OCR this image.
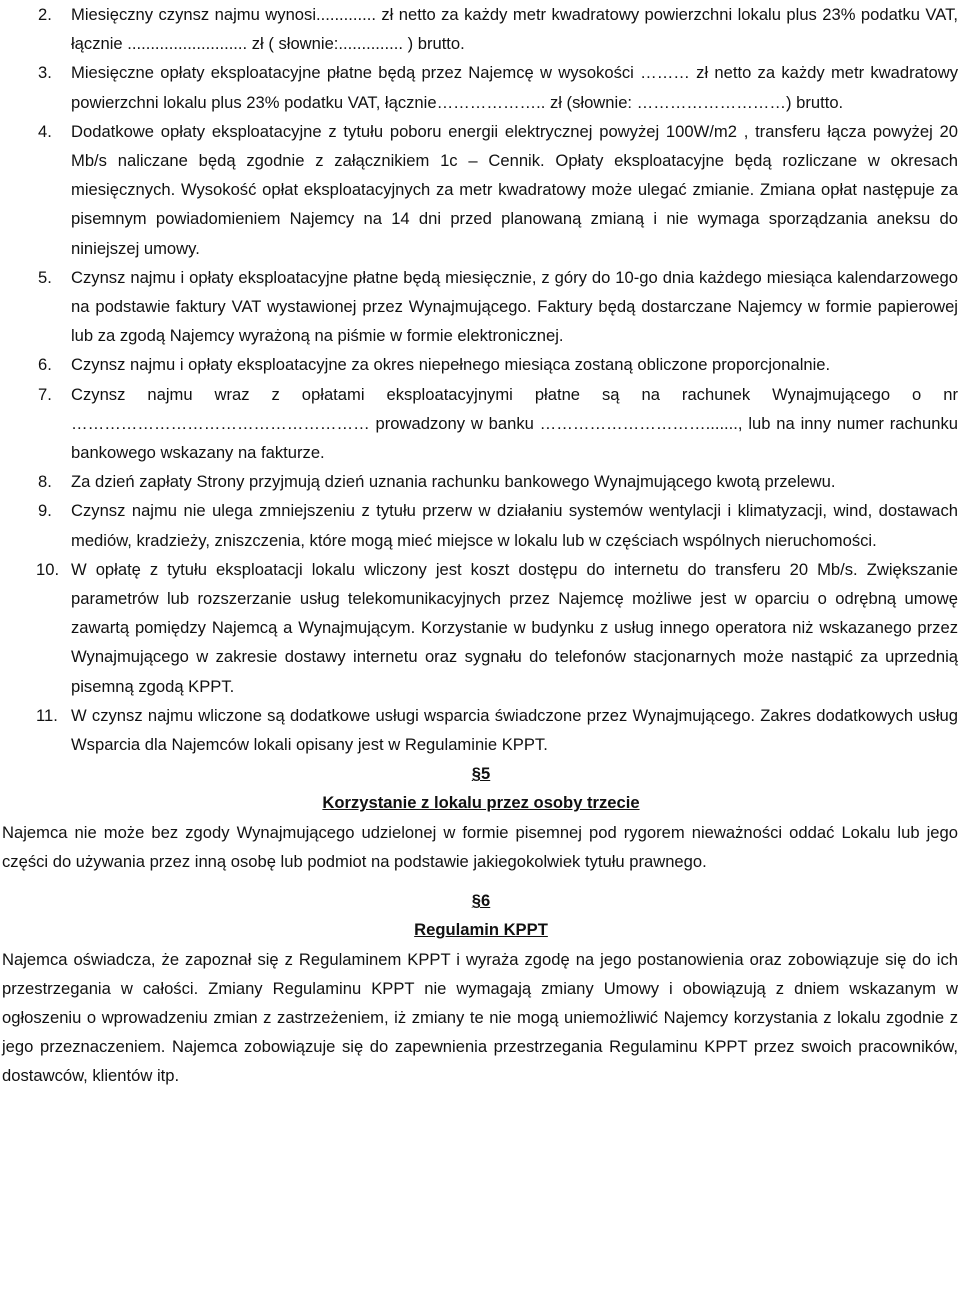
2. Miesięczny czynsz najmu wynosi............. zł netto za każdy metr kwadratowy powierzchni lokalu plus 23% podatku VAT, łącznie .......................... zł ( słownie:.............. ) brutto.
3. Miesięczne opłaty eksploatacyjne płatne będą przez Najemcę w wysokości ……… zł netto za każdy metr kwadratowy powierzchni lokalu plus 23% podatku VAT, łącznie……………….. zł (słownie: ………………………) brutto.
4. Dodatkowe opłaty eksploatacyjne z tytułu poboru energii elektrycznej powyżej 100W/m2 , transferu łącza powyżej 20 Mb/s naliczane będą zgodnie z załącznikiem 1c – Cennik. Opłaty eksploatacyjne będą rozliczane w okresach miesięcznych. Wysokość opłat eksploatacyjnych za metr kwadratowy może ulegać zmianie. Zmiana opłat następuje za pisemnym powiadomieniem Najemcy na 14 dni przed planowaną zmianą i nie wymaga sporządzania aneksu do niniejszej umowy.
5. Czynsz najmu i opłaty eksploatacyjne płatne będą miesięcznie, z góry do 10-go dnia każdego miesiąca kalendarzowego na podstawie faktury VAT wystawionej przez Wynajmującego. Faktury będą dostarczane Najemcy w formie papierowej lub za zgodą Najemcy wyrażoną na piśmie w formie elektronicznej.
6. Czynsz najmu i opłaty eksploatacyjne za okres niepełnego miesiąca zostaną obliczone proporcjonalnie.
7. Czynsz najmu wraz z opłatami eksploatacyjnymi płatne są na rachunek Wynajmującego o nr ……………………………………………… prowadzony w banku …………………………......., lub na inny numer rachunku bankowego wskazany na fakturze.
8. Za dzień zapłaty Strony przyjmują dzień uznania rachunku bankowego Wynajmującego kwotą przelewu.
9. Czynsz najmu nie ulega zmniejszeniu z tytułu przerw w działaniu systemów wentylacji i klimatyzacji, wind, dostawach mediów, kradzieży, zniszczenia, które mogą mieć miejsce w lokalu lub w częściach wspólnych nieruchomości.
10. W opłatę z tytułu eksploatacji lokalu wliczony jest koszt dostępu do internetu do transferu 20 Mb/s. Zwiększanie parametrów lub rozszerzanie usług telekomunikacyjnych przez Najemcę możliwe jest w oparciu o odrębną umowę zawartą pomiędzy Najemcą a Wynajmującym. Korzystanie w budynku z usług innego operatora niż wskazanego przez Wynajmującego w zakresie dostawy internetu oraz sygnału do telefonów stacjonarnych może nastąpić za uprzednią pisemną zgodą KPPT.
11. W czynsz najmu wliczone są dodatkowe usługi wsparcia świadczone przez Wynajmującego. Zakres dodatkowych usług Wsparcia dla Najemców lokali opisany jest w Regulaminie KPPT.
§5
Korzystanie z lokalu przez osoby trzecie
Najemca nie może bez zgody Wynajmującego udzielonej w formie pisemnej pod rygorem nieważności oddać Lokalu lub jego części do używania przez inną osobę lub podmiot na podstawie jakiegokolwiek tytułu prawnego.
§6
Regulamin KPPT
Najemca oświadcza, że zapoznał się z Regulaminem KPPT i wyraża zgodę na jego postanowienia oraz zobowiązuje się do ich przestrzegania w całości. Zmiany Regulaminu KPPT nie wymagają zmiany Umowy i obowiązują z dniem wskazanym w ogłoszeniu o wprowadzeniu zmian z zastrzeżeniem, iż zmiany te nie mogą uniemożliwić Najemcy korzystania z lokalu zgodnie z jego przeznaczeniem. Najemca zobowiązuje się do zapewnienia przestrzegania Regulaminu KPPT przez swoich pracowników, dostawców, klientów itp.
